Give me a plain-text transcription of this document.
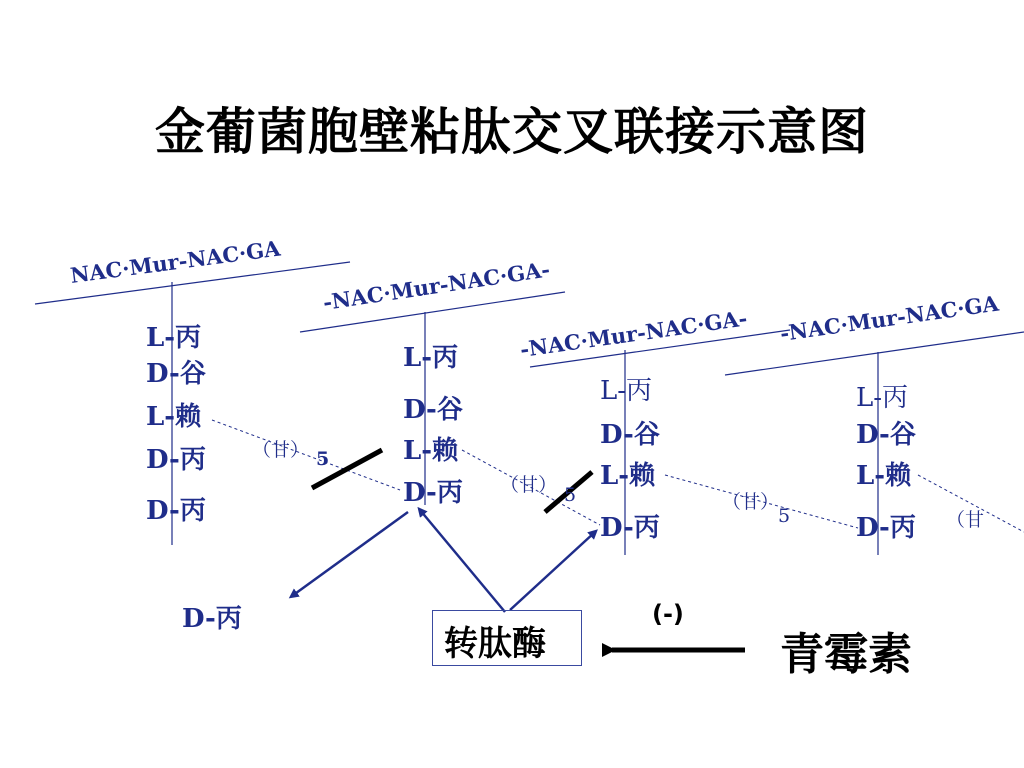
金葡菌胞壁粘肽交叉联接示意图
NAC·Mur-NAC·GA -NAC·Mur-NAC·GA-
-NAC·Mur-NAC·GA- -NAC·Mur-NAC·GA
L-丙
D-谷
L-赖
D-丙
D-丙
L-丙
D-谷
L-赖
D-丙
L-丙
D-谷
L-赖
D-丙
L-丙
D-谷
L-赖
D-丙
（甘） 5
（甘） 5	（甘）
5	（甘
D-丙
转肽酶
(-)
青霉素
